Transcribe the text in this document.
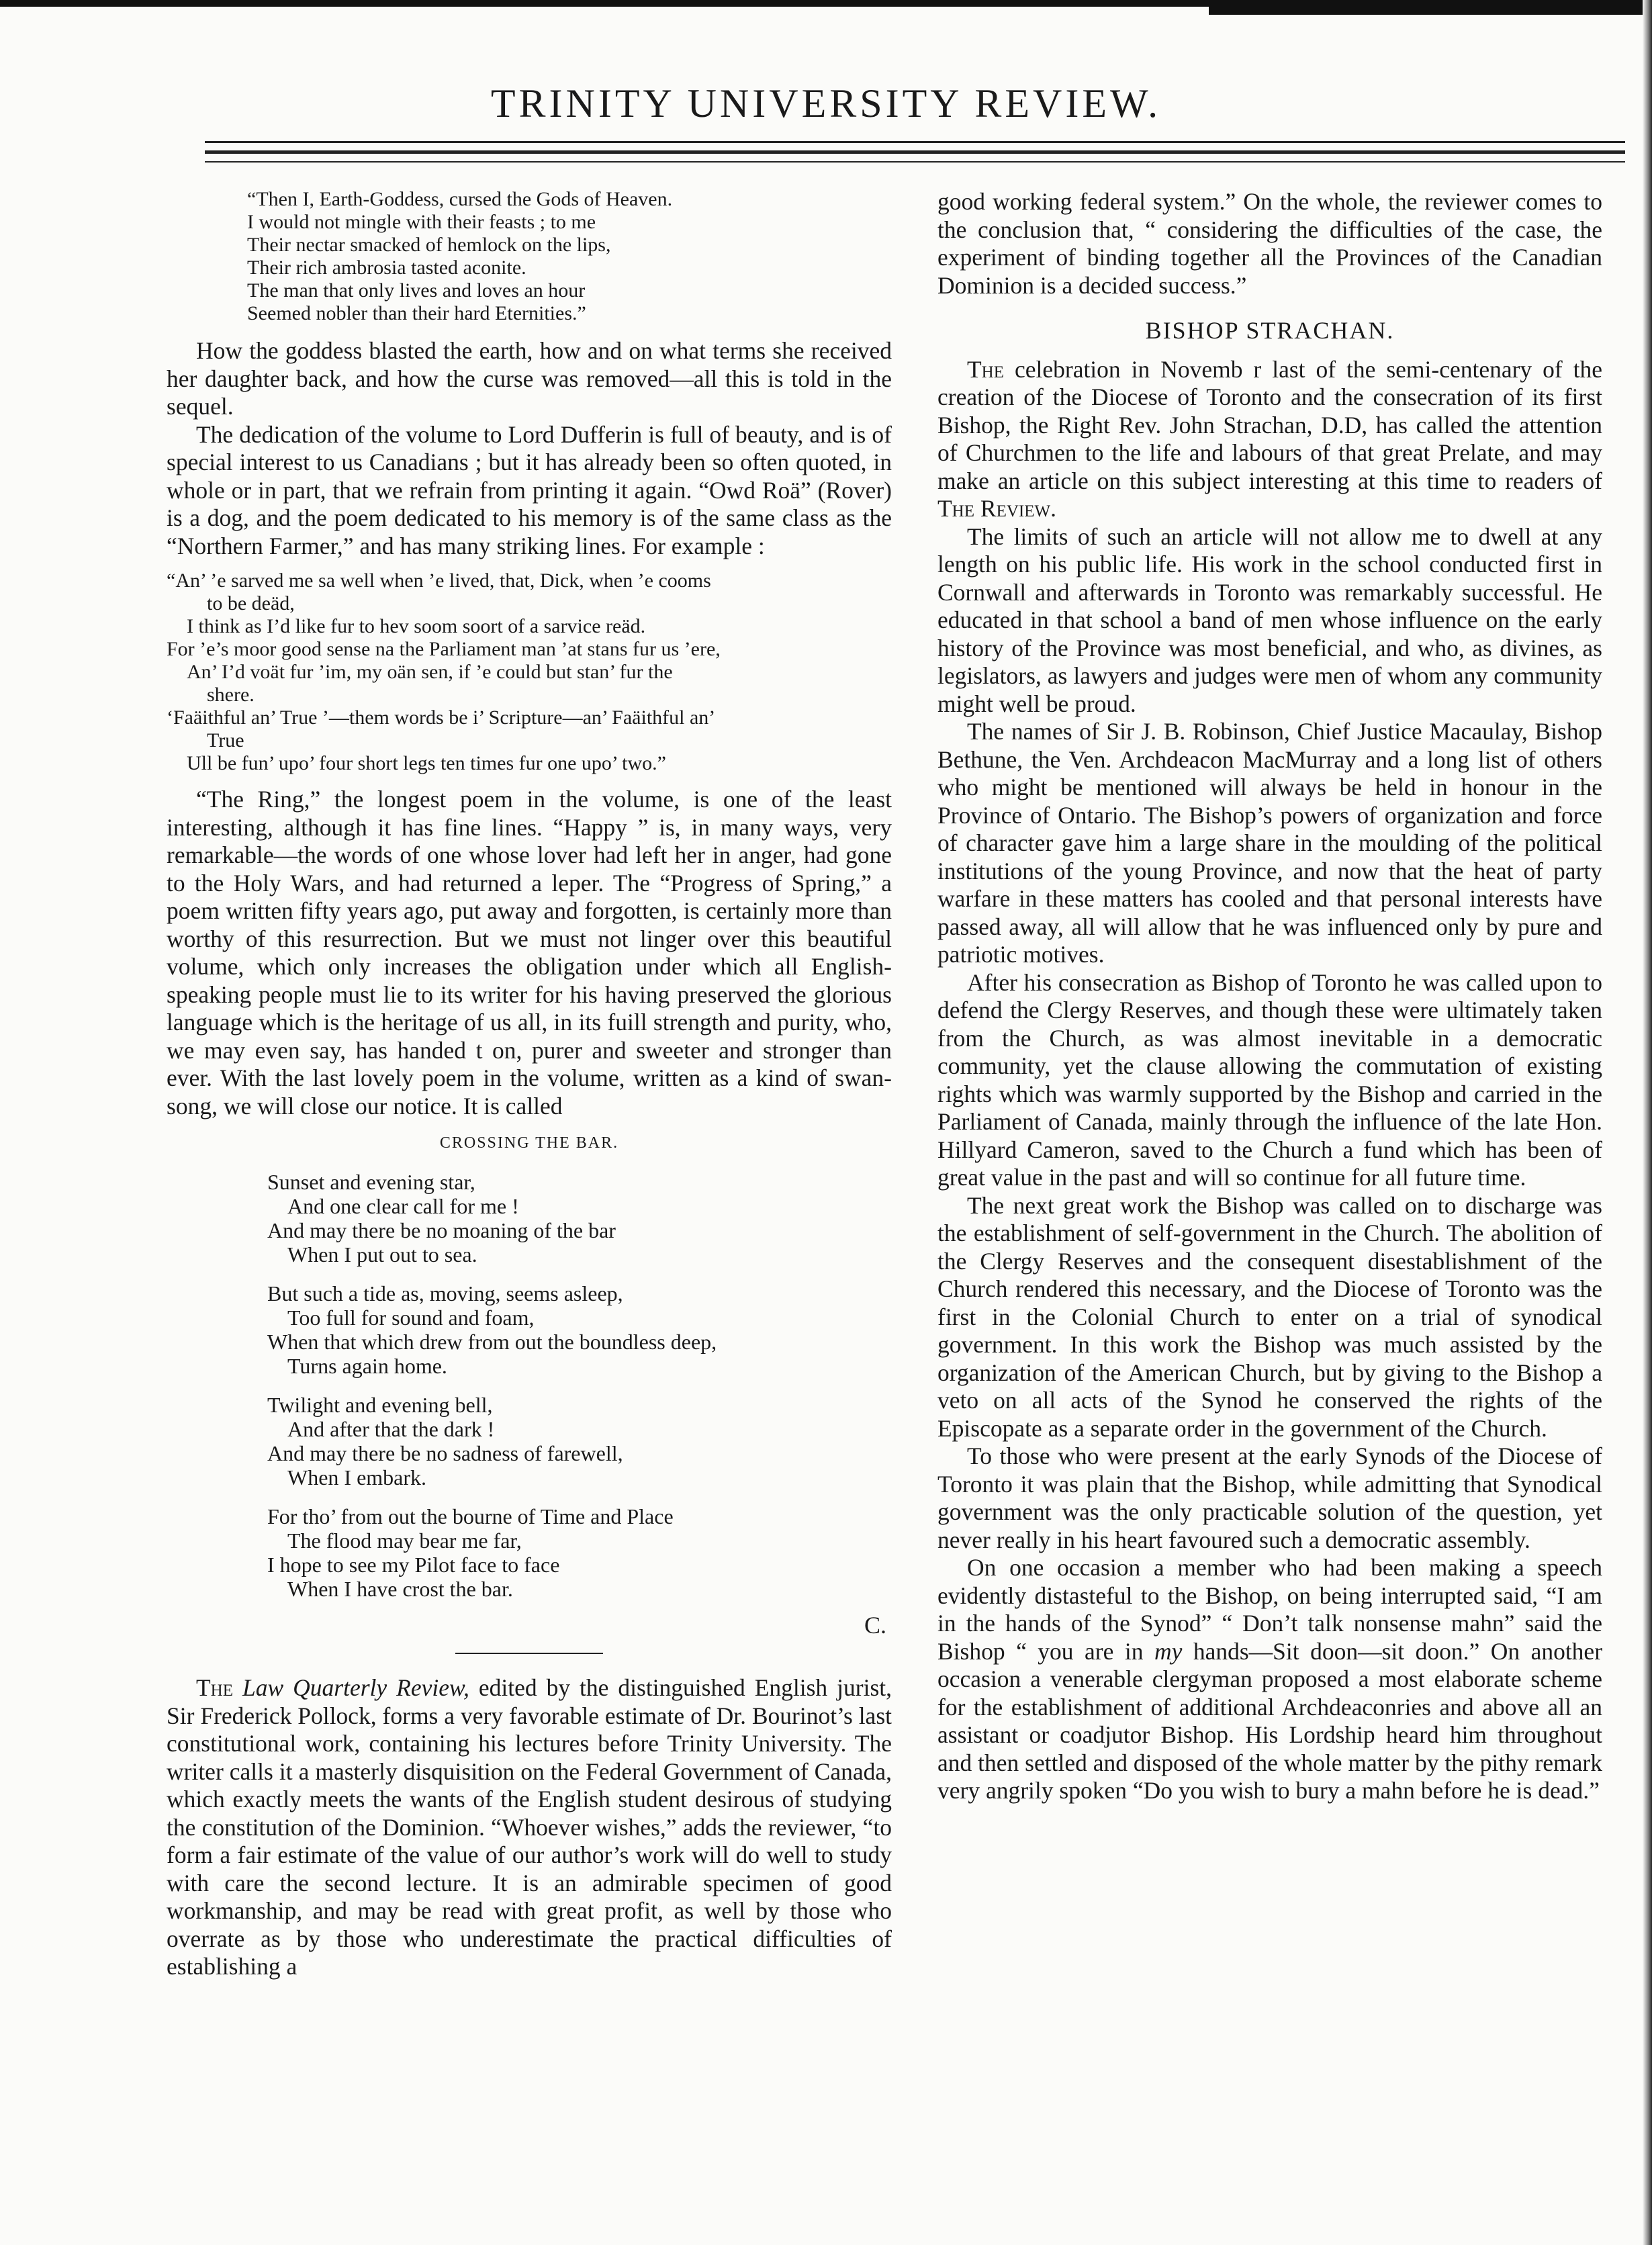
TRINITY UNIVERSITY REVIEW.
“Then I, Earth-Goddess, cursed the Gods of Heaven.
I would not mingle with their feasts ; to me
Their nectar smacked of hemlock on the lips,
Their rich ambrosia tasted aconite.
The man that only lives and loves an hour
Seemed nobler than their hard Eternities.”

How the goddess blasted the earth, how and on what terms she received her daughter back, and how the curse was removed—all this is told in the sequel.

The dedication of the volume to Lord Dufferin is full of beauty, and is of special interest to us Canadians ; but it has already been so often quoted, in whole or in part, that we refrain from printing it again. “Owd Roä” (Rover) is a dog, and the poem dedicated to his memory is of the same class as the “Northern Farmer,” and has many striking lines. For example :

“An’ ’e sarved me sa well when ’e lived, that, Dick, when ’e cooms
to be deäd,
I think as I’d like fur to hev soom soort of a sarvice reäd.
For ’e’s moor good sense na the Parliament man ’at stans fur us ’ere,
An’ I’d voät fur ’im, my oän sen, if ’e could but stan’ fur the
shere.
‘Faäithful an’ True ’—them words be i’ Scripture—an’ Faäithful an’
True
Ull be fun’ upo’ four short legs ten times fur one upo’ two.”

“The Ring,” the longest poem in the volume, is one of the least interesting, although it has fine lines. “Happy ” is, in many ways, very remarkable—the words of one whose lover had left her in anger, had gone to the Holy Wars, and had returned a leper. The “Progress of Spring,” a poem written fifty years ago, put away and forgotten, is certainly more than worthy of this resurrection. But we must not linger over this beautiful volume, which only increases the obligation under which all English-speaking people must lie to its writer for his having preserved the glorious language which is the heritage of us all, in its fuill strength and purity, who, we may even say, has handed t on, purer and sweeter and stronger than ever. With the last lovely poem in the volume, written as a kind of swan-song, we will close our notice. It is called

CROSSING THE BAR.
Sunset and evening star,
And one clear call for me !
And may there be no moaning of the bar
When I put out to sea.
But such a tide as, moving, seems asleep,
Too full for sound and foam,
When that which drew from out the boundless deep,
Turns again home.
Twilight and evening bell,
And after that the dark !
And may there be no sadness of farewell,
When I embark.
For tho’ from out the bourne of Time and Place
The flood may bear me far,
I hope to see my Pilot face to face
When I have crost the bar.
C.

The Law Quarterly Review, edited by the distinguished English jurist, Sir Frederick Pollock, forms a very favorable estimate of Dr. Bourinot’s last constitutional work, containing his lectures before Trinity University. The writer calls it a masterly disquisition on the Federal Government of Canada, which exactly meets the wants of the English student desirous of studying the constitution of the Dominion. “Whoever wishes,” adds the reviewer, “to form a fair estimate of the value of our author’s work will do well to study with care the second lecture. It is an admirable specimen of good workmanship, and may be read with great profit, as well by those who overrate as by those who underestimate the practical difficulties of establishing a

good working federal system.” On the whole, the reviewer comes to the conclusion that, “ considering the difficulties of the case, the experiment of binding together all the Provinces of the Canadian Dominion is a decided success.”

BISHOP STRACHAN.

The celebration in Novemb r last of the semi-centenary of the creation of the Diocese of Toronto and the consecration of its first Bishop, the Right Rev. John Strachan, D.D, has called the attention of Churchmen to the life and labours of that great Prelate, and may make an article on this subject interesting at this time to readers of The Review.

The limits of such an article will not allow me to dwell at any length on his public life. His work in the school conducted first in Cornwall and afterwards in Toronto was remarkably successful. He educated in that school a band of men whose influence on the early history of the Province was most beneficial, and who, as divines, as legislators, as lawyers and judges were men of whom any community might well be proud.

The names of Sir J. B. Robinson, Chief Justice Macaulay, Bishop Bethune, the Ven. Archdeacon MacMurray and a long list of others who might be mentioned will always be held in honour in the Province of Ontario. The Bishop’s powers of organization and force of character gave him a large share in the moulding of the political institutions of the young Province, and now that the heat of party warfare in these matters has cooled and that personal interests have passed away, all will allow that he was influenced only by pure and patriotic motives.

After his consecration as Bishop of Toronto he was called upon to defend the Clergy Reserves, and though these were ultimately taken from the Church, as was almost inevitable in a democratic community, yet the clause allowing the commutation of existing rights which was warmly supported by the Bishop and carried in the Parliament of Canada, mainly through the influence of the late Hon. Hillyard Cameron, saved to the Church a fund which has been of great value in the past and will so continue for all future time.

The next great work the Bishop was called on to discharge was the establishment of self-government in the Church. The abolition of the Clergy Reserves and the consequent disestablishment of the Church rendered this necessary, and the Diocese of Toronto was the first in the Colonial Church to enter on a trial of synodical government. In this work the Bishop was much assisted by the organization of the American Church, but by giving to the Bishop a veto on all acts of the Synod he conserved the rights of the Episcopate as a separate order in the government of the Church.

To those who were present at the early Synods of the Diocese of Toronto it was plain that the Bishop, while admitting that Synodical government was the only practicable solution of the question, yet never really in his heart favoured such a democratic assembly.

On one occasion a member who had been making a speech evidently distasteful to the Bishop, on being interrupted said, “I am in the hands of the Synod” “ Don’t talk nonsense mahn” said the Bishop “ you are in my hands—Sit doon—sit doon.” On another occasion a venerable clergyman proposed a most elaborate scheme for the establishment of additional Archdeaconries and above all an assistant or coadjutor Bishop. His Lordship heard him throughout and then settled and disposed of the whole matter by the pithy remark very angrily spoken “Do you wish to bury a mahn before he is dead.”
